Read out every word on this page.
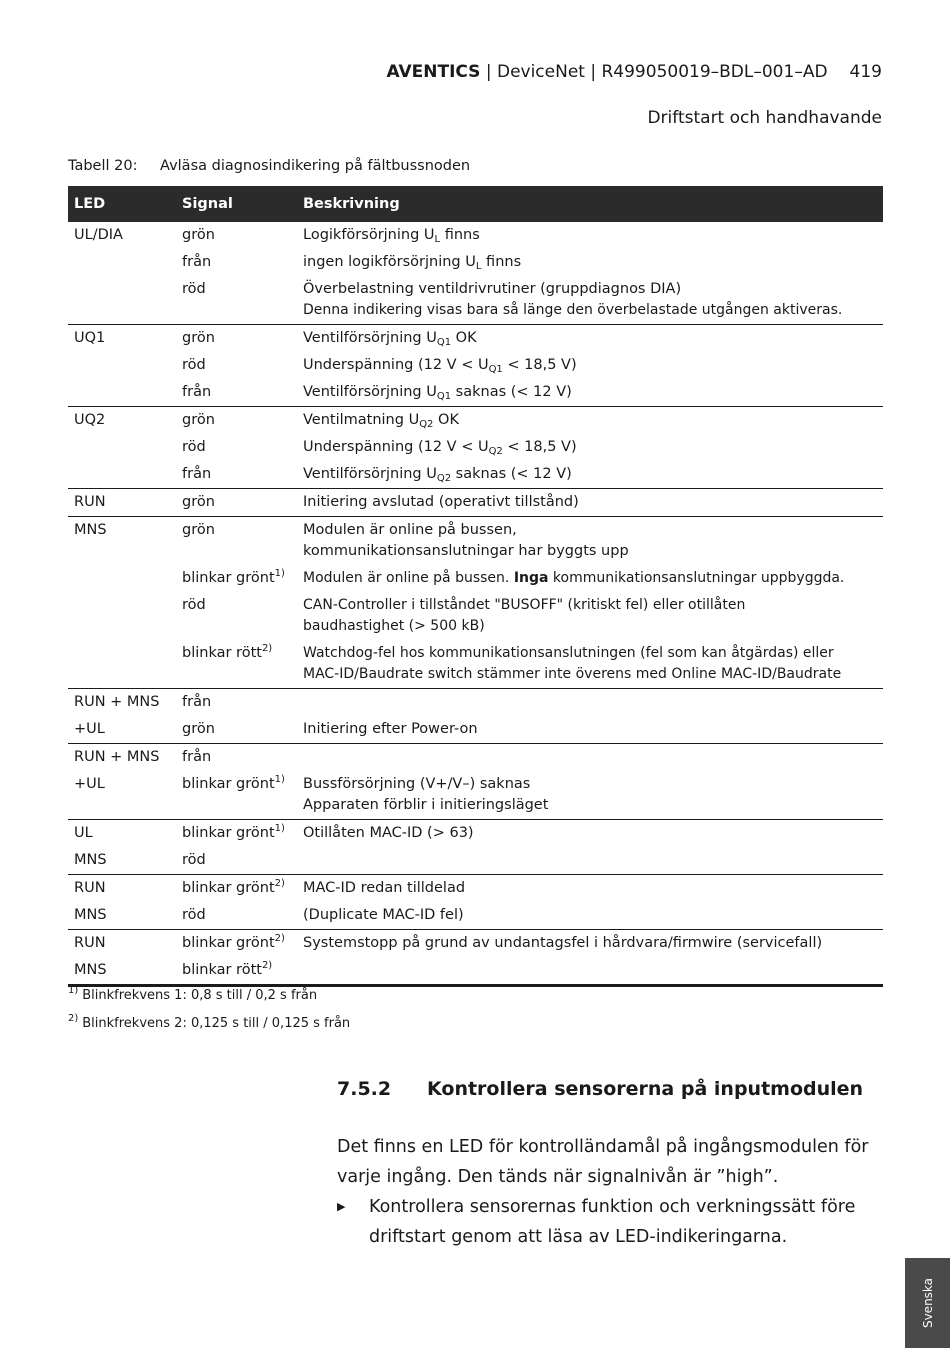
AVENTICS | DeviceNet | R499050019–BDL–001–AD 419
Driftstart och handhavande
Tabell 20: Avläsa diagnosindikering på fältbussnoden
LED	Signal	Beskrivning
UL/DIA	grön	Logikförsörjning $U_L$ finns
	från	ingen logikförsörjning $U_L$ finns
	röd	Överbelastning ventildrivrutiner (gruppdiagnos DIA)
Denna indikering visas bara så länge den överbelastade utgången aktiveras.

UQ1	grön	Ventilförsörjning $U_{Q1}$ OK
	röd	Underspänning (12 $V < U_{Q1} < 18,5$ V)
	från	Ventilförsörjning $U_{Q1}$ saknas (< 12 V)
UQ2	grön	Ventilmatning $U_{Q2}$ OK
	röd	Underspänning (12 $V < U_{Q2} < 18,5$ V)
	från	Ventilförsörjning $U_{Q2}$ saknas (< 12 V)
RUN	grön	Initiering avslutad (operativt tillstånd)
MNS	grön	Modulen är online på bussen,
kommunikationsanslutningar har byggts upp

	blinkar grönt$^{1)}$	Modulen är online på bussen. Inga kommunikationsanslutningar uppbyggda.
	röd	CAN-Controller i tillståndet "BUSOFF" (kritiskt fel) eller otillåten
baudhastighet (> 500 kB)

	blinkar rött$^{2)}$	Watchdog-fel hos kommunikationsanslutningen (fel som kan åtgärdas) eller
MAC-ID/Baudrate switch stämmer inte överens med Online MAC-ID/Baudrate

RUN + MNS	från	
+UL	grön	Initiering efter Power-on
RUN + MNS	från	
+UL	blinkar grönt$^{1)}$	Bussförsörjning (V+/V–) saknas
Apparaten förblir i initieringsläget

UL	blinkar grönt$^{1)}$	Otillåten MAC-ID (> 63)
MNS	röd	
RUN	blinkar grönt$^{2)}$	MAC-ID redan tilldelad
MNS	röd	(Duplicate MAC-ID fel)
RUN	blinkar grönt$^{2)}$	Systemstopp på grund av undantagsfel i hårdvara/firmwire (servicefall)
MNS	blinkar rött$^{2)}$	
$^{1)}$ Blinkfrekvens 1: 0,8 s till / 0,2 s från
$^{2)}$ Blinkfrekvens 2: 0,125 s till / 0,125 s från
7.5.2 Kontrollera sensorerna på inputmodulen
Det finns en LED för kontrolländamål på ingångsmodulen för varje ingång. Den tänds när signalnivån är ”high”.
▶ Kontrollera sensorernas funktion och verkningssätt före driftstart genom att läsa av LED-indikeringarna.
Svenska
